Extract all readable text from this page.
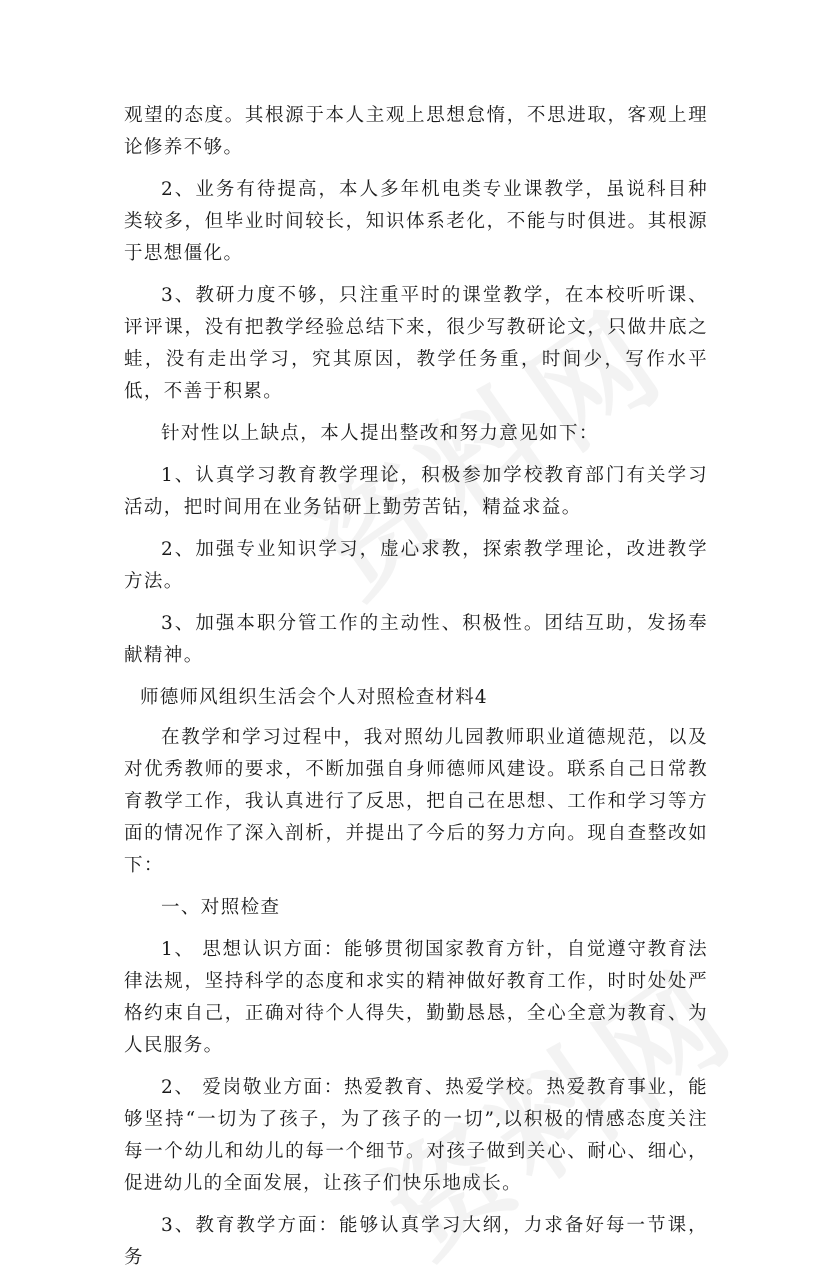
观望的态度。其根源于本人主观上思想怠惰，不思进取，客观上理论修养不够。

2、业务有待提高，本人多年机电类专业课教学，虽说科目种类较多，但毕业时间较长，知识体系老化，不能与时俱进。其根源于思想僵化。

3、教研力度不够，只注重平时的课堂教学，在本校听听课、评评课，没有把教学经验总结下来，很少写教研论文，只做井底之蛙，没有走出学习，究其原因，教学任务重，时间少，写作水平低，不善于积累。

针对性以上缺点，本人提出整改和努力意见如下：

1、认真学习教育教学理论，积极参加学校教育部门有关学习活动，把时间用在业务钻研上勤劳苦钻，精益求益。

2、加强专业知识学习，虚心求教，探索教学理论，改进教学方法。

3、加强本职分管工作的主动性、积极性。团结互助，发扬奉献精神。

师德师风组织生活会个人对照检查材料4

在教学和学习过程中，我对照幼儿园教师职业道德规范，以及对优秀教师的要求，不断加强自身师德师风建设。联系自己日常教育教学工作，我认真进行了反思，把自己在思想、工作和学习等方面的情况作了深入剖析，并提出了今后的努力方向。现自查整改如下：

一、对照检查

1、 思想认识方面：能够贯彻国家教育方针，自觉遵守教育法律法规，坚持科学的态度和求实的精神做好教育工作，时时处处严格约束自己，正确对待个人得失，勤勤恳恳，全心全意为教育、为人民服务。

2、 爱岗敬业方面：热爱教育、热爱学校。热爱教育事业，能够坚持“一切为了孩子，为了孩子的一切”,以积极的情感态度关注每一个幼儿和幼儿的每一个细节。对孩子做到关心、耐心、细心，促进幼儿的全面发展，让孩子们快乐地成长。

3、教育教学方面：能够认真学习大纲，力求备好每一节课，务
